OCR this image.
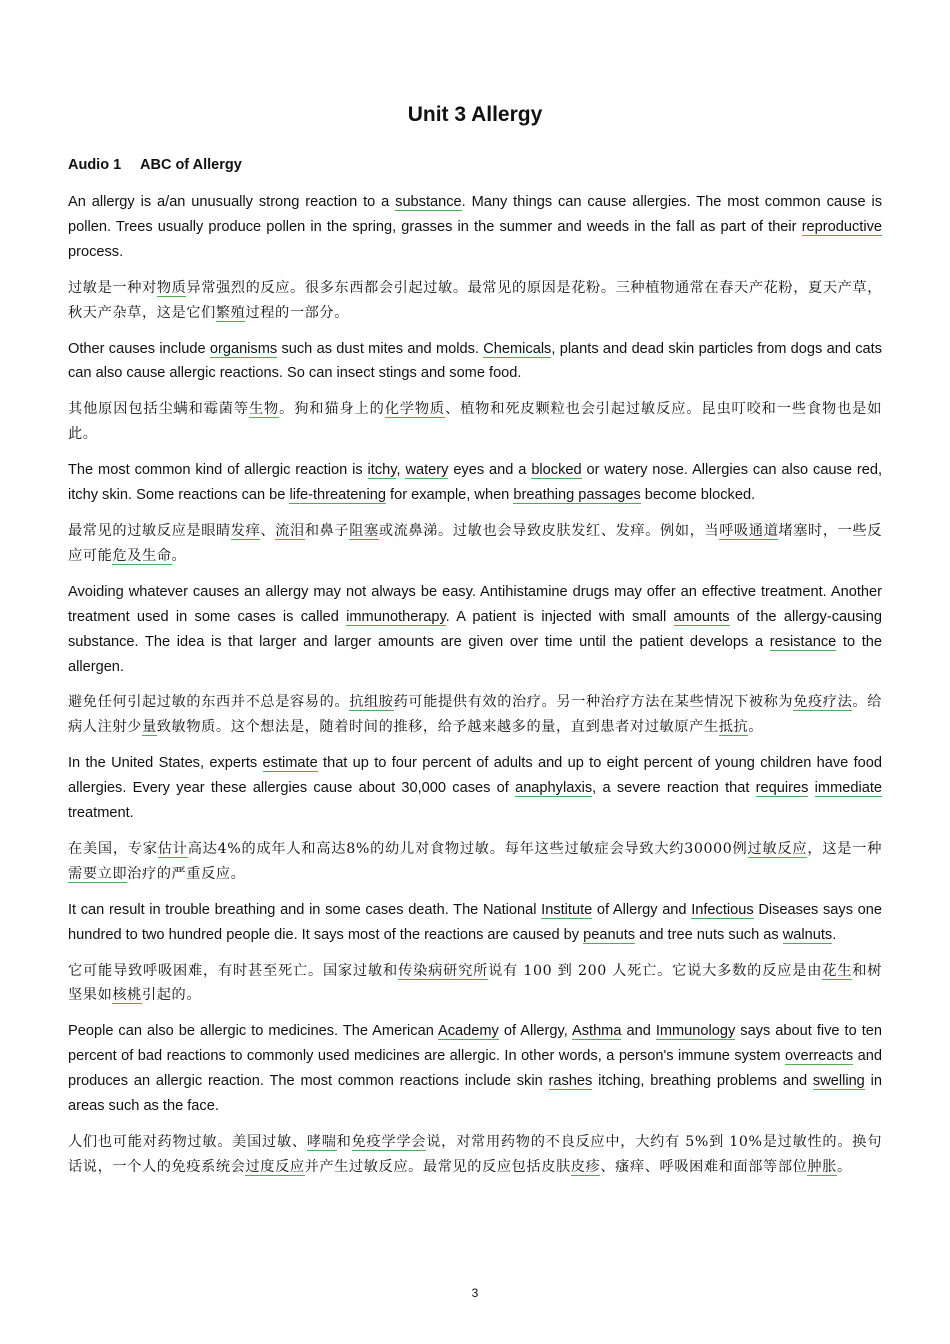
Unit 3 Allergy
Audio 1 ABC of Allergy

An allergy is a/an unusually strong reaction to a substance. Many things can cause allergies. The most common cause is pollen. Trees usually produce pollen in the spring, grasses in the summer and weeds in the fall as part of their reproductive process.

过敏是一种对物质异常强烈的反应。很多东西都会引起过敏。最常见的原因是花粉。三种植物通常在春天产花粉，夏天产草，秋天产杂草，这是它们繁殖过程的一部分。

Other causes include organisms such as dust mites and molds. Chemicals, plants and dead skin particles from dogs and cats can also cause allergic reactions. So can insect stings and some food.

其他原因包括尘螨和霉菌等生物。狗和猫身上的化学物质、植物和死皮颗粒也会引起过敏反应。昆虫叮咬和一些食物也是如此。

The most common kind of allergic reaction is itchy, watery eyes and a blocked or watery nose. Allergies can also cause red, itchy skin. Some reactions can be life-threatening for example, when breathing passages become blocked.

最常见的过敏反应是眼睛发痒、流泪和鼻子阻塞或流鼻涕。过敏也会导致皮肤发红、发痒。例如，当呼吸通道堵塞时，一些反应可能危及生命。

Avoiding whatever causes an allergy may not always be easy. Antihistamine drugs may offer an effective treatment. Another treatment used in some cases is called immunotherapy. A patient is injected with small amounts of the allergy-causing substance. The idea is that larger and larger amounts are given over time until the patient develops a resistance to the allergen.

避免任何引起过敏的东西并不总是容易的。抗组胺药可能提供有效的治疗。另一种治疗方法在某些情况下被称为免疫疗法。给病人注射少量致敏物质。这个想法是，随着时间的推移，给予越来越多的量，直到患者对过敏原产生抵抗。

In the United States, experts estimate that up to four percent of adults and up to eight percent of young children have food allergies. Every year these allergies cause about 30,000 cases of anaphylaxis, a severe reaction that requires immediate treatment.

在美国，专家估计高达4%的成年人和高达8%的幼儿对食物过敏。每年这些过敏症会导致大约30000例过敏反应，这是一种需要立即治疗的严重反应。

It can result in trouble breathing and in some cases death. The National Institute of Allergy and Infectious Diseases says one hundred to two hundred people die. It says most of the reactions are caused by peanuts and tree nuts such as walnuts.

它可能导致呼吸困难，有时甚至死亡。国家过敏和传染病研究所说有 100 到 200 人死亡。它说大多数的反应是由花生和树坚果如核桃引起的。

People can also be allergic to medicines. The American Academy of Allergy, Asthma and Immunology says about five to ten percent of bad reactions to commonly used medicines are allergic. In other words, a person's immune system overreacts and produces an allergic reaction. The most common reactions include skin rashes itching, breathing problems and swelling in areas such as the face.

人们也可能对药物过敏。美国过敏、哮喘和免疫学学会说，对常用药物的不良反应中，大约有 5%到 10%是过敏性的。换句话说，一个人的免疫系统会过度反应并产生过敏反应。最常见的反应包括皮肤皮疹、瘙痒、呼吸困难和面部等部位肿胀。

3
